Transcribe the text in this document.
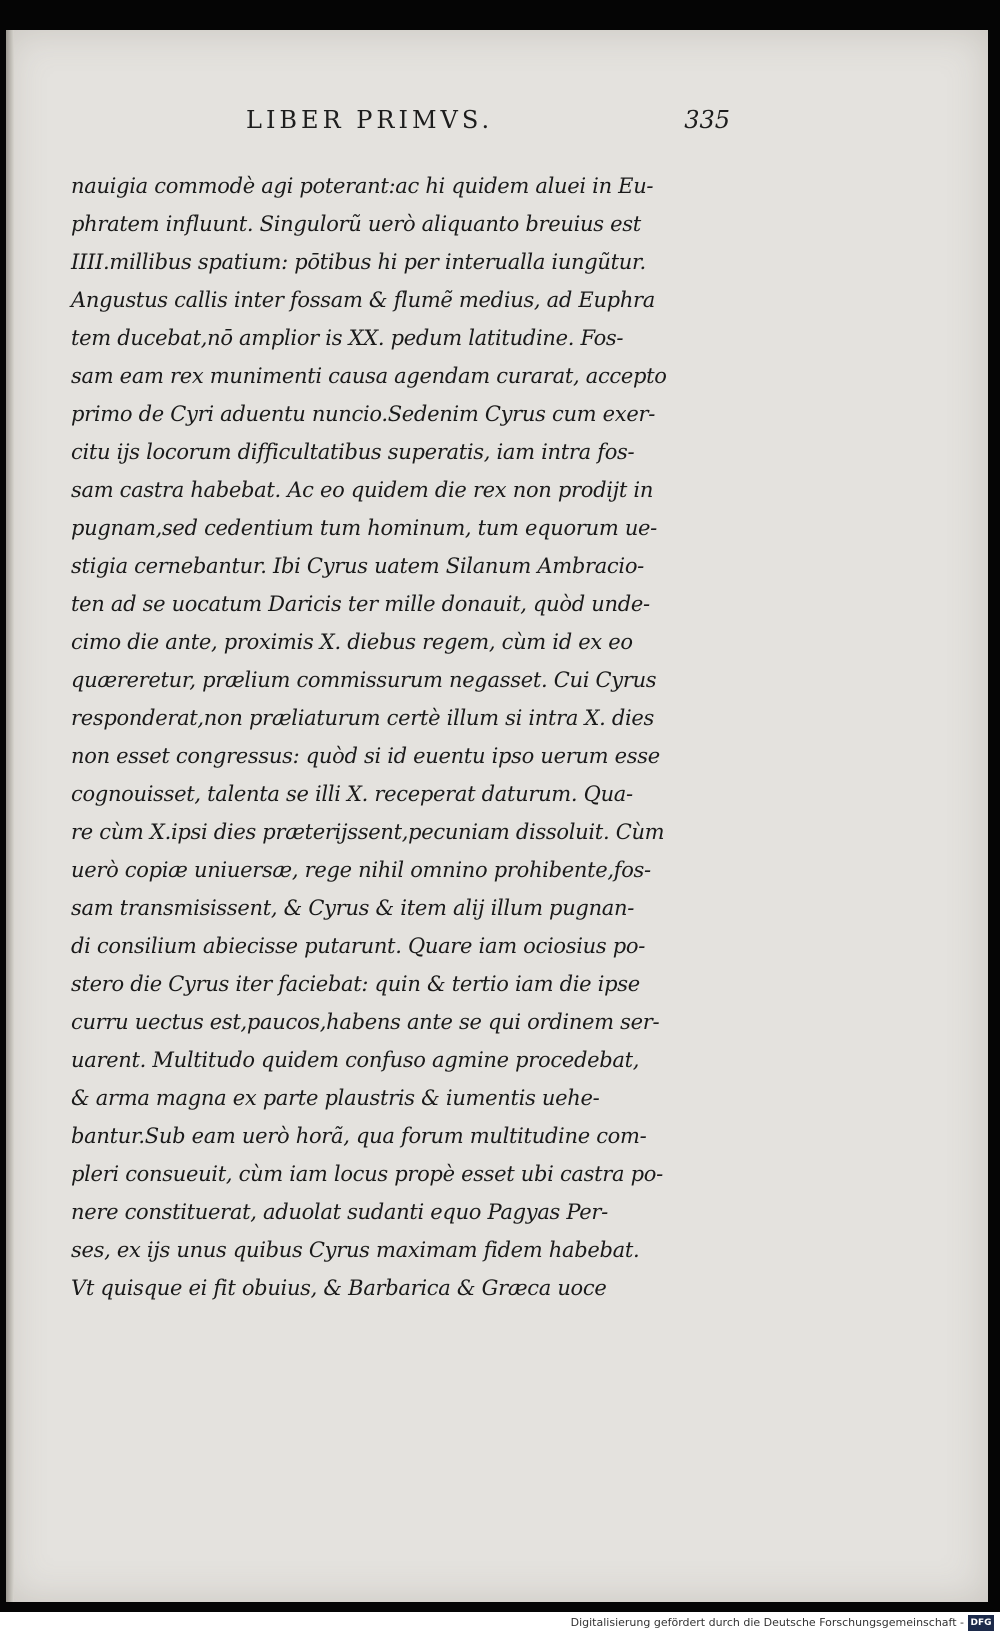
LIBER PRIMVS.	335
nauigia commodè agi poterant:ac hi quidem aluei in Eu-
phratem influunt. Singulorũ uerò aliquanto breuius est
IIII.millibus spatium: pōtibus hi per interualla iungũtur.
Angustus callis inter fossam & flumẽ medius, ad Euphra
tem ducebat,nō amplior is XX. pedum latitudine. Fos-
sam eam rex munimenti causa agendam curarat, accepto
primo de Cyri aduentu nuncio.Sedenim Cyrus cum exer-
citu ijs locorum difficultatibus superatis, iam intra fos-
sam castra habebat. Ac eo quidem die rex non prodijt in
pugnam,sed cedentium tum hominum, tum equorum ue-
stigia cernebantur. Ibi Cyrus uatem Silanum Ambracio-
ten ad se uocatum Daricis ter mille donauit, quòd unde-
cimo die ante, proximis X. diebus regem, cùm id ex eo
quæreretur, prælium commissurum negasset. Cui Cyrus
responderat,non præliaturum certè illum si intra X. dies
non esset congressus: quòd si id euentu ipso uerum esse
cognouisset, talenta se illi X. receperat daturum. Qua-
re cùm X.ipsi dies præterijssent,pecuniam dissoluit. Cùm
uerò copiæ uniuersæ, rege nihil omnino prohibente,fos-
sam transmisissent, & Cyrus & item alij illum pugnan-
di consilium abiecisse putarunt. Quare iam ociosius po-
stero die Cyrus iter faciebat: quin & tertio iam die ipse
curru uectus est,paucos,habens ante se qui ordinem ser-
uarent. Multitudo quidem confuso agmine procedebat,
& arma magna ex parte plaustris & iumentis uehe-
bantur.Sub eam uerò horã, qua forum multitudine com-
pleri consueuit, cùm iam locus propè esset ubi castra po-
nere constituerat, aduolat sudanti equo Pagyas Per-
ses, ex ijs unus quibus Cyrus maximam fidem habebat.
Vt quisque ei fit obuius, & Barbarica & Græca uoce
Digitalisierung gefördert durch die Deutsche Forschungsgemeinschaft - DFG
